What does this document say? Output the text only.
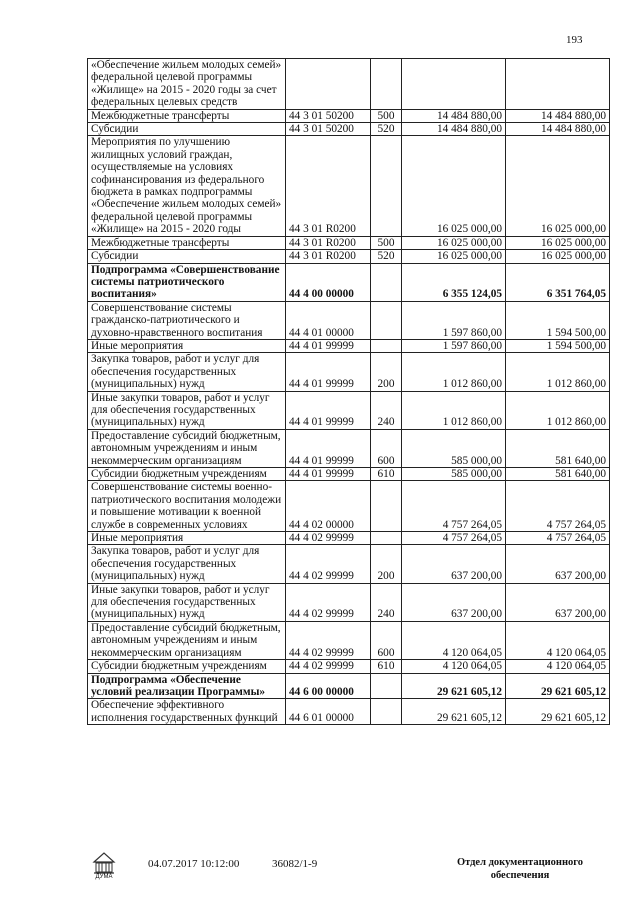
193
«Обеспечение жильем молодых семей» федеральной целевой программы «Жилище» на 2015 - 2020 годы за счет федеральных целевых средств				
Межбюджетные трансферты	44 3 01 50200	500	14 484 880,00	14 484 880,00
Субсидии	44 3 01 50200	520	14 484 880,00	14 484 880,00
Мероприятия по улучшению жилищных условий граждан, осуществляемые на условиях софинансирования из федерального бюджета в рамках подпрограммы «Обеспечение жильем молодых семей» федеральной целевой программы «Жилище» на 2015 - 2020 годы	44 3 01 R0200		16 025 000,00	16 025 000,00
Межбюджетные трансферты	44 3 01 R0200	500	16 025 000,00	16 025 000,00
Субсидии	44 3 01 R0200	520	16 025 000,00	16 025 000,00
Подпрограмма «Совершенствование системы патриотического воспитания»	44 4 00 00000		6 355 124,05	6 351 764,05
Совершенствование системы гражданско-патриотического и духовно-нравственного воспитания	44 4 01 00000		1 597 860,00	1 594 500,00
Иные мероприятия	44 4 01 99999		1 597 860,00	1 594 500,00
Закупка товаров, работ и услуг для обеспечения государственных (муниципальных) нужд	44 4 01 99999	200	1 012 860,00	1 012 860,00
Иные закупки товаров, работ и услуг для обеспечения государственных (муниципальных) нужд	44 4 01 99999	240	1 012 860,00	1 012 860,00
Предоставление субсидий бюджетным, автономным учреждениям и иным некоммерческим организациям	44 4 01 99999	600	585 000,00	581 640,00
Субсидии бюджетным учреждениям	44 4 01 99999	610	585 000,00	581 640,00
Совершенствование системы военно-патриотического воспитания молодежи и повышение мотивации к военной службе в современных условиях	44 4 02 00000		4 757 264,05	4 757 264,05
Иные мероприятия	44 4 02 99999		4 757 264,05	4 757 264,05
Закупка товаров, работ и услуг для обеспечения государственных (муниципальных) нужд	44 4 02 99999	200	637 200,00	637 200,00
Иные закупки товаров, работ и услуг для обеспечения государственных (муниципальных) нужд	44 4 02 99999	240	637 200,00	637 200,00
Предоставление субсидий бюджетным, автономным учреждениям и иным некоммерческим организациям	44 4 02 99999	600	4 120 064,05	4 120 064,05
Субсидии бюджетным учреждениям	44 4 02 99999	610	4 120 064,05	4 120 064,05
Подпрограмма «Обеспечение условий реализации Программы»	44 6 00 00000		29 621 605,12	29 621 605,12
Обеспечение эффективного исполнения государственных функций	44 6 01 00000		29 621 605,12	29 621 605,12
ДУМА
04.07.2017 10:12:00	36082/1-9	Отдел документационного обеспечения
